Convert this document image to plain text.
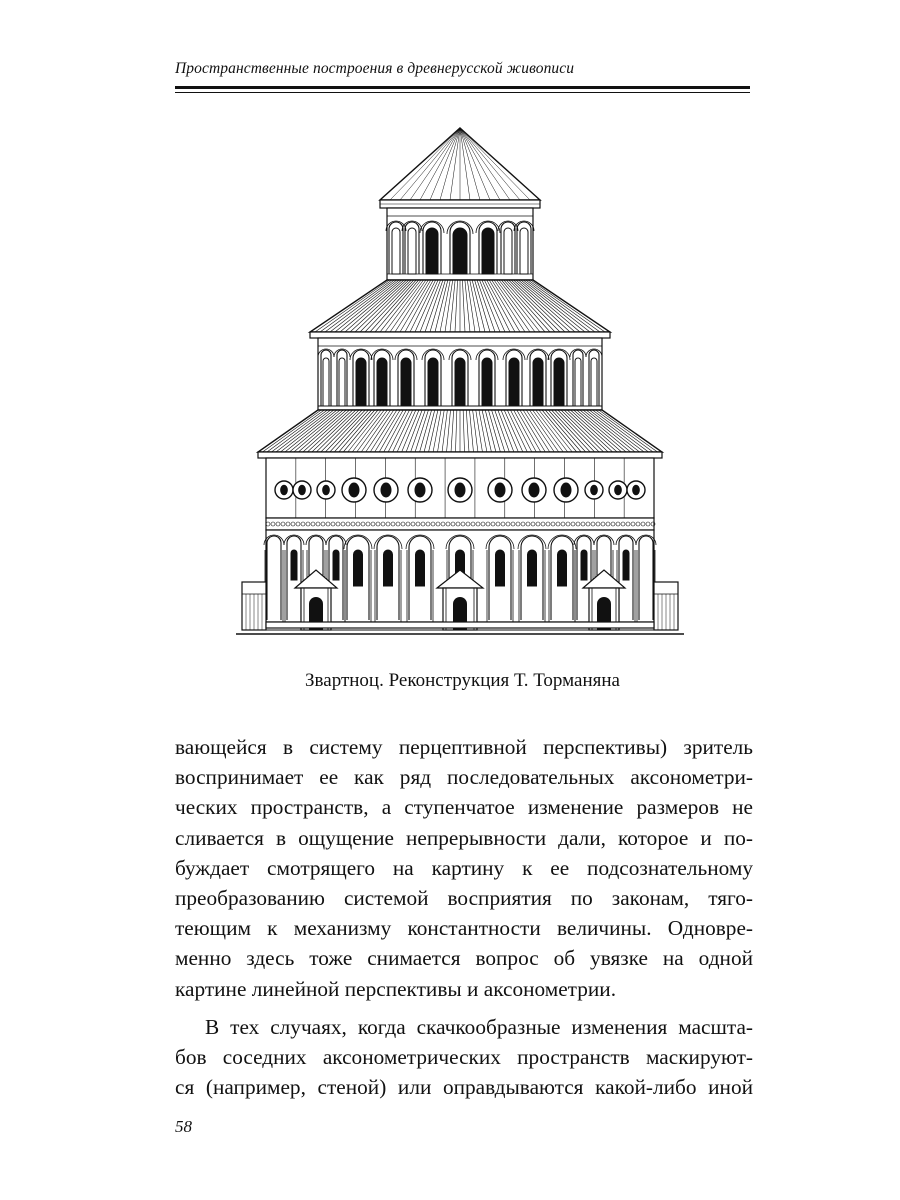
Пространственные построения в древнерусской живописи
Звартноц. Реконструкция Т. Торманяна
вающейся в систему перцептивной перспективы) зритель
воспринимает ее как ряд последовательных аксонометри-
ческих пространств, а ступенчатое изменение размеров не
сливается в ощущение непрерывности дали, которое и по-
буждает смотрящего на картину к ее подсознательному
преобразованию системой восприятия по законам, тяго-
теющим к механизму константности величины. Одновре-
менно здесь тоже снимается вопрос об увязке на одной
картине линейной перспективы и аксонометрии.
В тех случаях, когда скачкообразные изменения масшта-
бов соседних аксонометрических пространств маскируют-
ся (например, стеной) или оправдываются какой-либо иной
58
